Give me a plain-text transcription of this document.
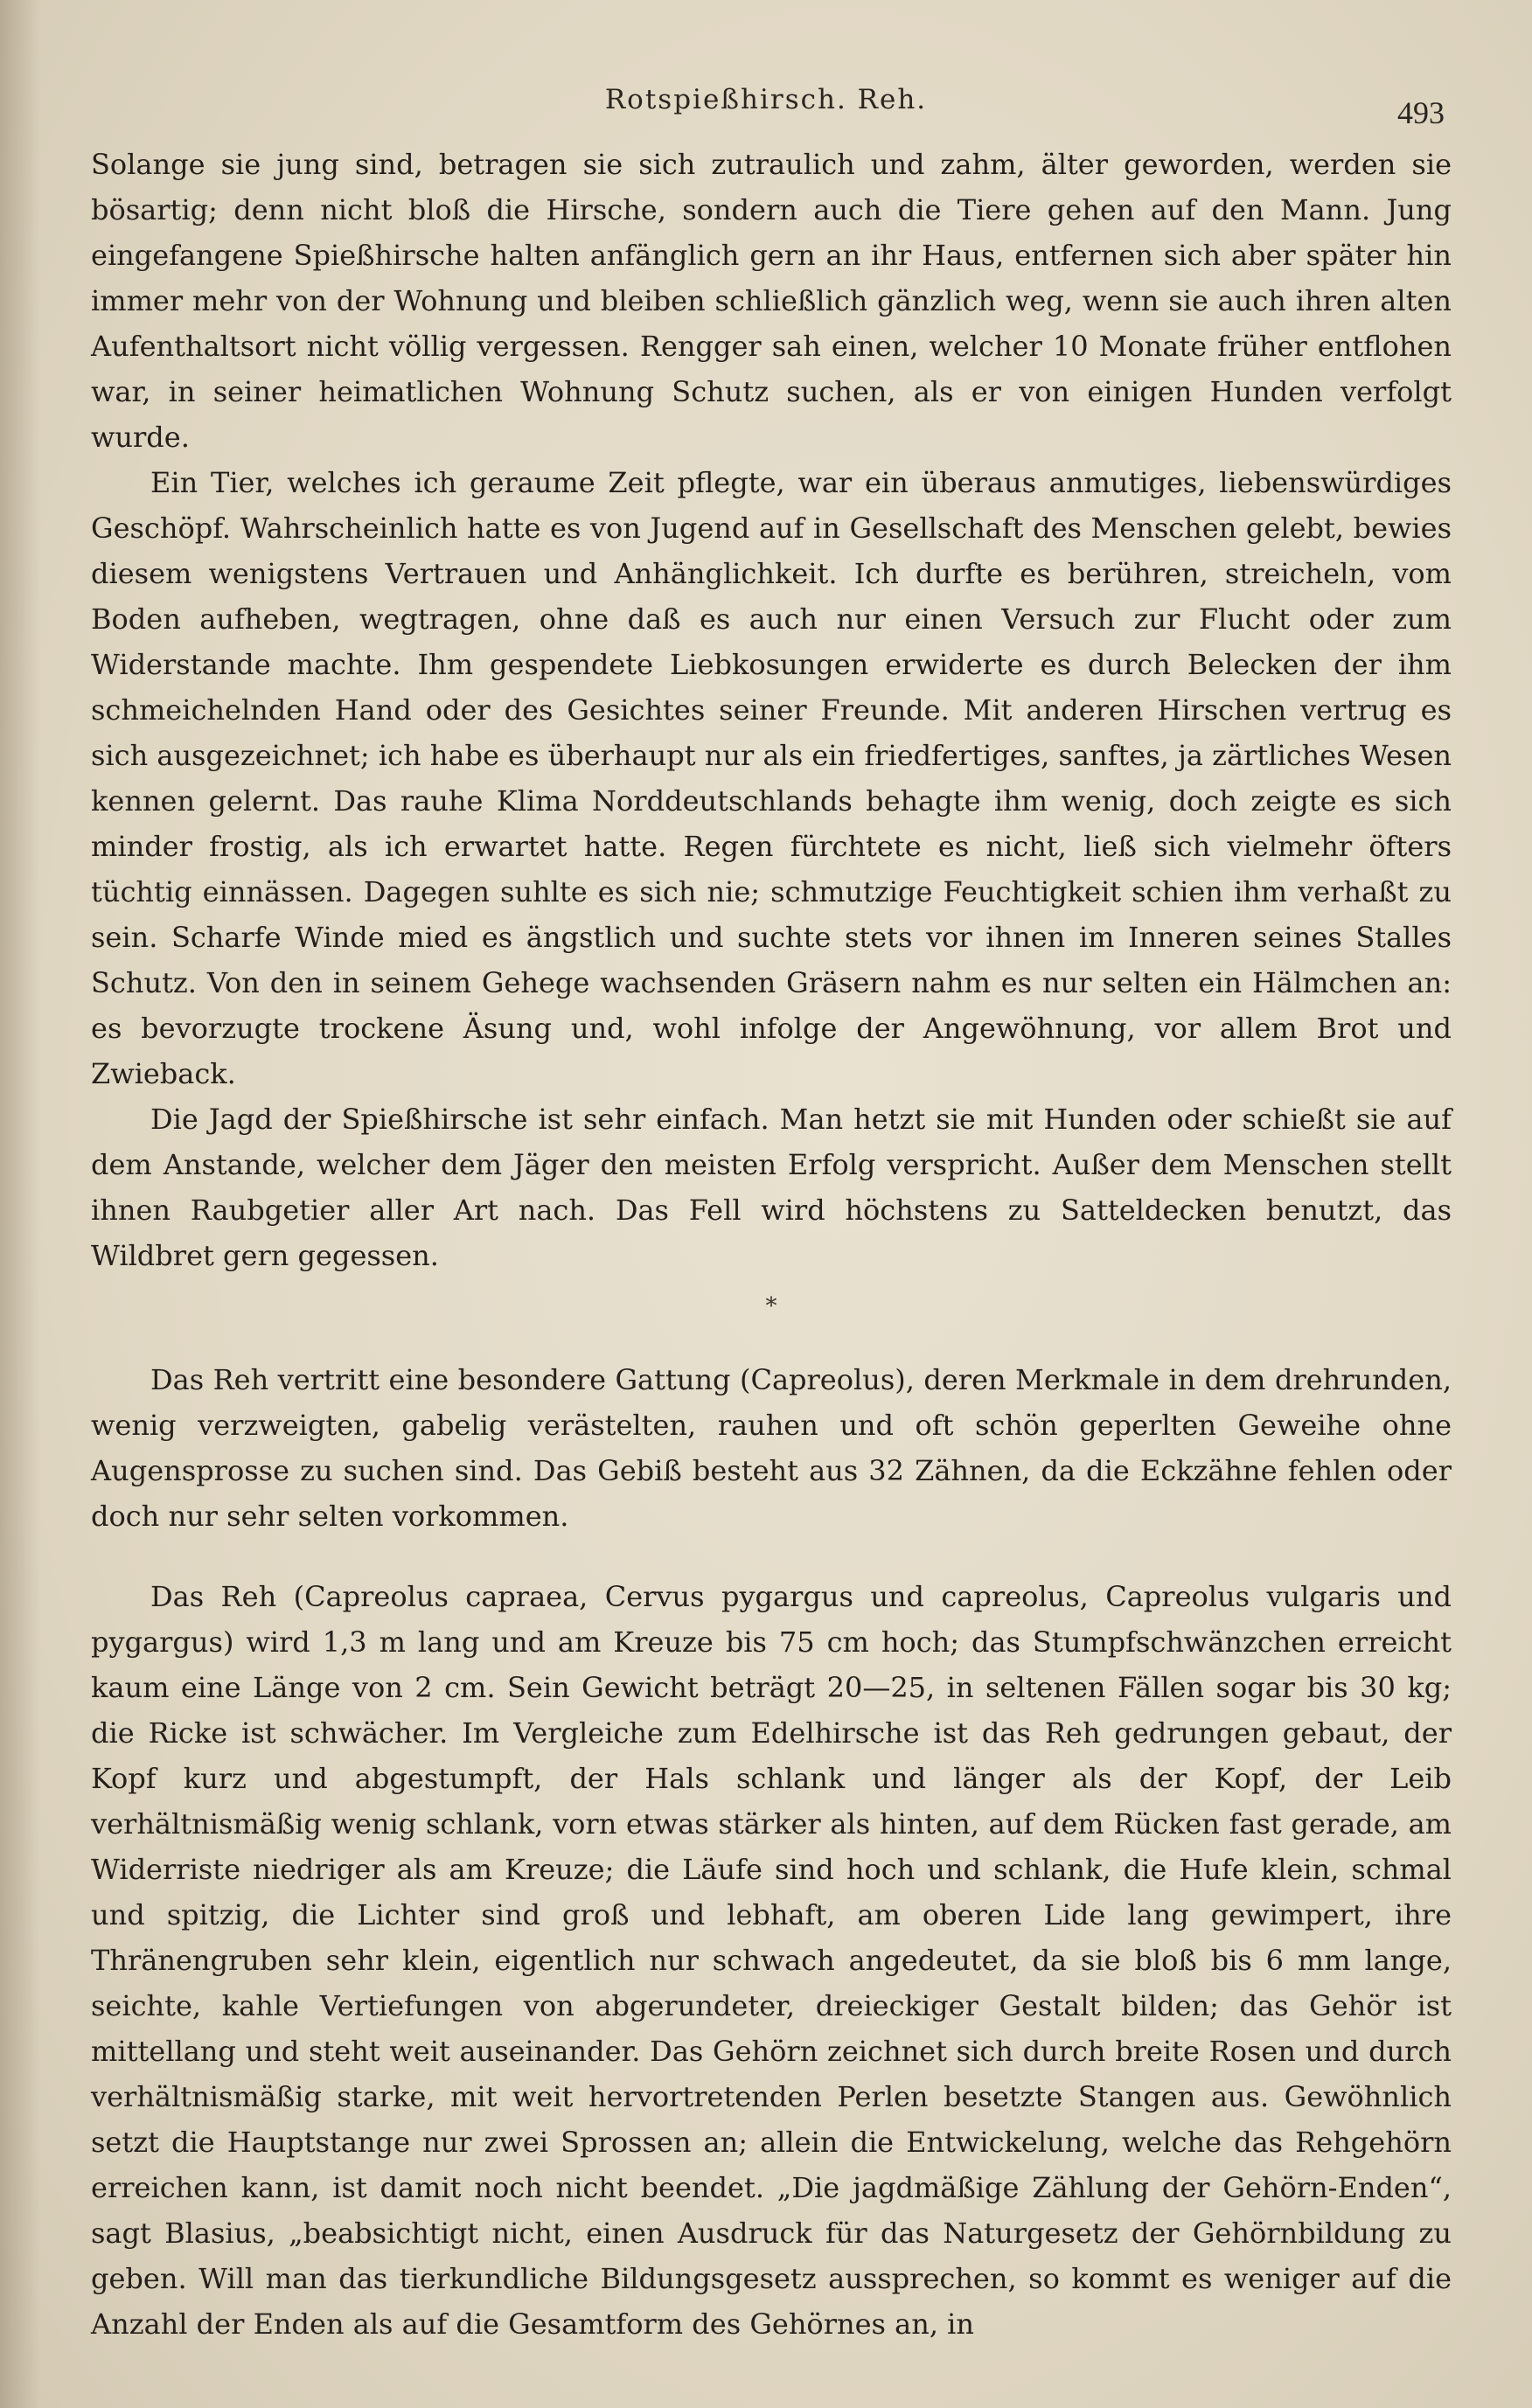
Rotspießhirsch. Reh.	493

Solange sie jung sind, betragen sie sich zutraulich und zahm, älter geworden, werden sie bösartig; denn nicht bloß die Hirsche, sondern auch die Tiere gehen auf den Mann. Jung eingefangene Spießhirsche halten anfänglich gern an ihr Haus, entfernen sich aber später hin immer mehr von der Wohnung und bleiben schließlich gänzlich weg, wenn sie auch ihren alten Aufenthaltsort nicht völlig vergessen. Rengger sah einen, welcher 10 Monate früher entflohen war, in seiner heimatlichen Wohnung Schutz suchen, als er von einigen Hunden verfolgt wurde.

Ein Tier, welches ich geraume Zeit pflegte, war ein überaus anmutiges, liebenswürdiges Geschöpf. Wahrscheinlich hatte es von Jugend auf in Gesellschaft des Menschen gelebt, bewies diesem wenigstens Vertrauen und Anhänglichkeit. Ich durfte es berühren, streicheln, vom Boden aufheben, wegtragen, ohne daß es auch nur einen Versuch zur Flucht oder zum Widerstande machte. Ihm gespendete Liebkosungen erwiderte es durch Belecken der ihm schmeichelnden Hand oder des Gesichtes seiner Freunde. Mit anderen Hirschen vertrug es sich ausgezeichnet; ich habe es überhaupt nur als ein friedfertiges, sanftes, ja zärtliches Wesen kennen gelernt. Das rauhe Klima Norddeutschlands behagte ihm wenig, doch zeigte es sich minder frostig, als ich erwartet hatte. Regen fürchtete es nicht, ließ sich vielmehr öfters tüchtig einnässen. Dagegen suhlte es sich nie; schmutzige Feuchtigkeit schien ihm verhaßt zu sein. Scharfe Winde mied es ängstlich und suchte stets vor ihnen im Inneren seines Stalles Schutz. Von den in seinem Gehege wachsenden Gräsern nahm es nur selten ein Hälmchen an: es bevorzugte trockene Äsung und, wohl infolge der Angewöhnung, vor allem Brot und Zwieback.

Die Jagd der Spießhirsche ist sehr einfach. Man hetzt sie mit Hunden oder schießt sie auf dem Anstande, welcher dem Jäger den meisten Erfolg verspricht. Außer dem Menschen stellt ihnen Raubgetier aller Art nach. Das Fell wird höchstens zu Satteldecken benutzt, das Wildbret gern gegessen.

*

Das Reh vertritt eine besondere Gattung (Capreolus), deren Merkmale in dem drehrunden, wenig verzweigten, gabelig verästelten, rauhen und oft schön geperlten Geweihe ohne Augensprosse zu suchen sind. Das Gebiß besteht aus 32 Zähnen, da die Eckzähne fehlen oder doch nur sehr selten vorkommen.

Das Reh (Capreolus capraea, Cervus pygargus und capreolus, Capreolus vulgaris und pygargus) wird 1,3 m lang und am Kreuze bis 75 cm hoch; das Stumpfschwänzchen erreicht kaum eine Länge von 2 cm. Sein Gewicht beträgt 20—25, in seltenen Fällen sogar bis 30 kg; die Ricke ist schwächer. Im Vergleiche zum Edelhirsche ist das Reh gedrungen gebaut, der Kopf kurz und abgestumpft, der Hals schlank und länger als der Kopf, der Leib verhältnismäßig wenig schlank, vorn etwas stärker als hinten, auf dem Rücken fast gerade, am Widerriste niedriger als am Kreuze; die Läufe sind hoch und schlank, die Hufe klein, schmal und spitzig, die Lichter sind groß und lebhaft, am oberen Lide lang gewimpert, ihre Thränengruben sehr klein, eigentlich nur schwach angedeutet, da sie bloß bis 6 mm lange, seichte, kahle Vertiefungen von abgerundeter, dreieckiger Gestalt bilden; das Gehör ist mittellang und steht weit auseinander. Das Gehörn zeichnet sich durch breite Rosen und durch verhältnismäßig starke, mit weit hervortretenden Perlen besetzte Stangen aus. Gewöhnlich setzt die Hauptstange nur zwei Sprossen an; allein die Entwickelung, welche das Rehgehörn erreichen kann, ist damit noch nicht beendet. „Die jagdmäßige Zählung der Gehörn-Enden“, sagt Blasius, „beabsichtigt nicht, einen Ausdruck für das Naturgesetz der Gehörnbildung zu geben. Will man das tierkundliche Bildungsgesetz aussprechen, so kommt es weniger auf die Anzahl der Enden als auf die Gesamtform des Gehörnes an, in
